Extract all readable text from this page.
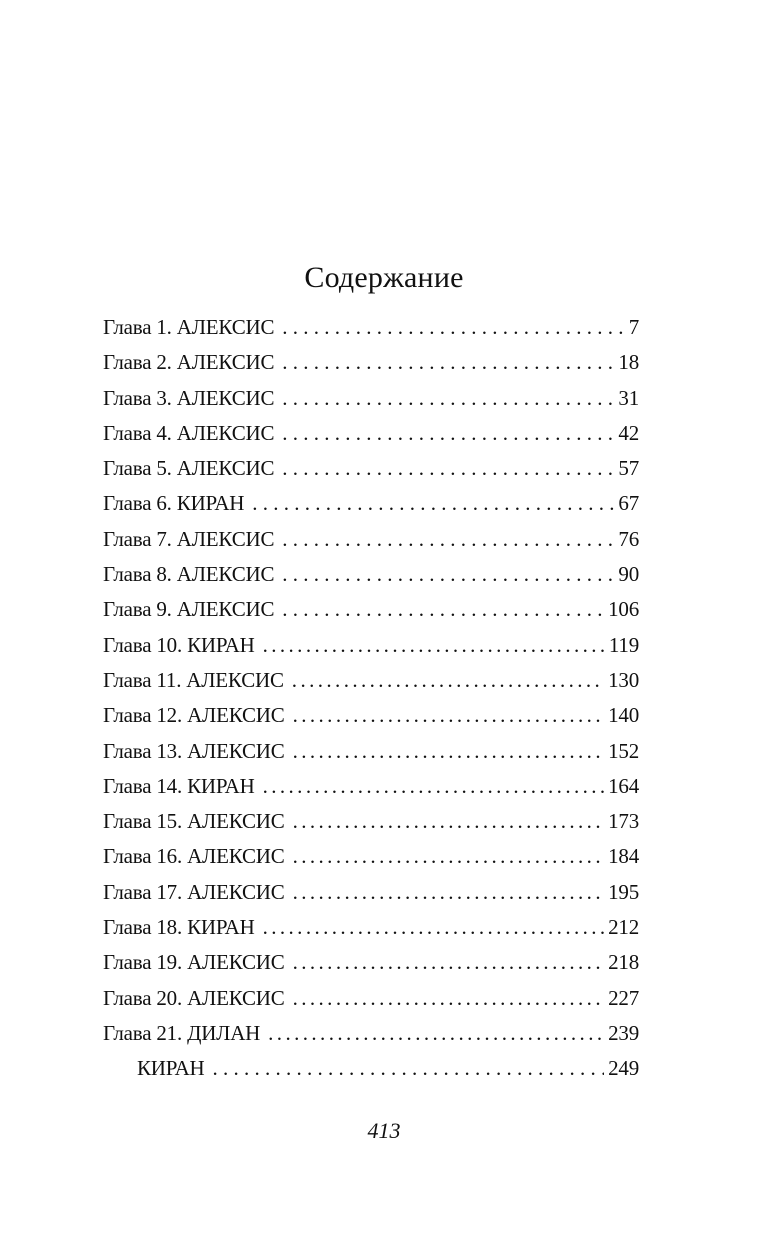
Содержание
Глава 1. АЛЕКСИС . . .	7
Глава 2. АЛЕКСИС . . .	18
Глава 3. АЛЕКСИС . . .	31
Глава 4. АЛЕКСИС . . .	42
Глава 5. АЛЕКСИС . . .	57
Глава 6. КИРАН . . .	67
Глава 7. АЛЕКСИС . . .	76
Глава 8. АЛЕКСИС . . .	90
Глава 9. АЛЕКСИС . . .	106
Глава 10. КИРАН .....	119
Глава 11. АЛЕКСИС .....	130
Глава 12. АЛЕКСИС .....	140
Глава 13. АЛЕКСИС .....	152
Глава 14. КИРАН .....	164
Глава 15. АЛЕКСИС .....	173
Глава 16. АЛЕКСИС .....	184
Глава 17. АЛЕКСИС .....	195
Глава 18. КИРАН .....	212
Глава 19. АЛЕКСИС .....	218
Глава 20. АЛЕКСИС .....	227
Глава 21. ДИЛАН .....	239
КИРАН . . .	249
413
